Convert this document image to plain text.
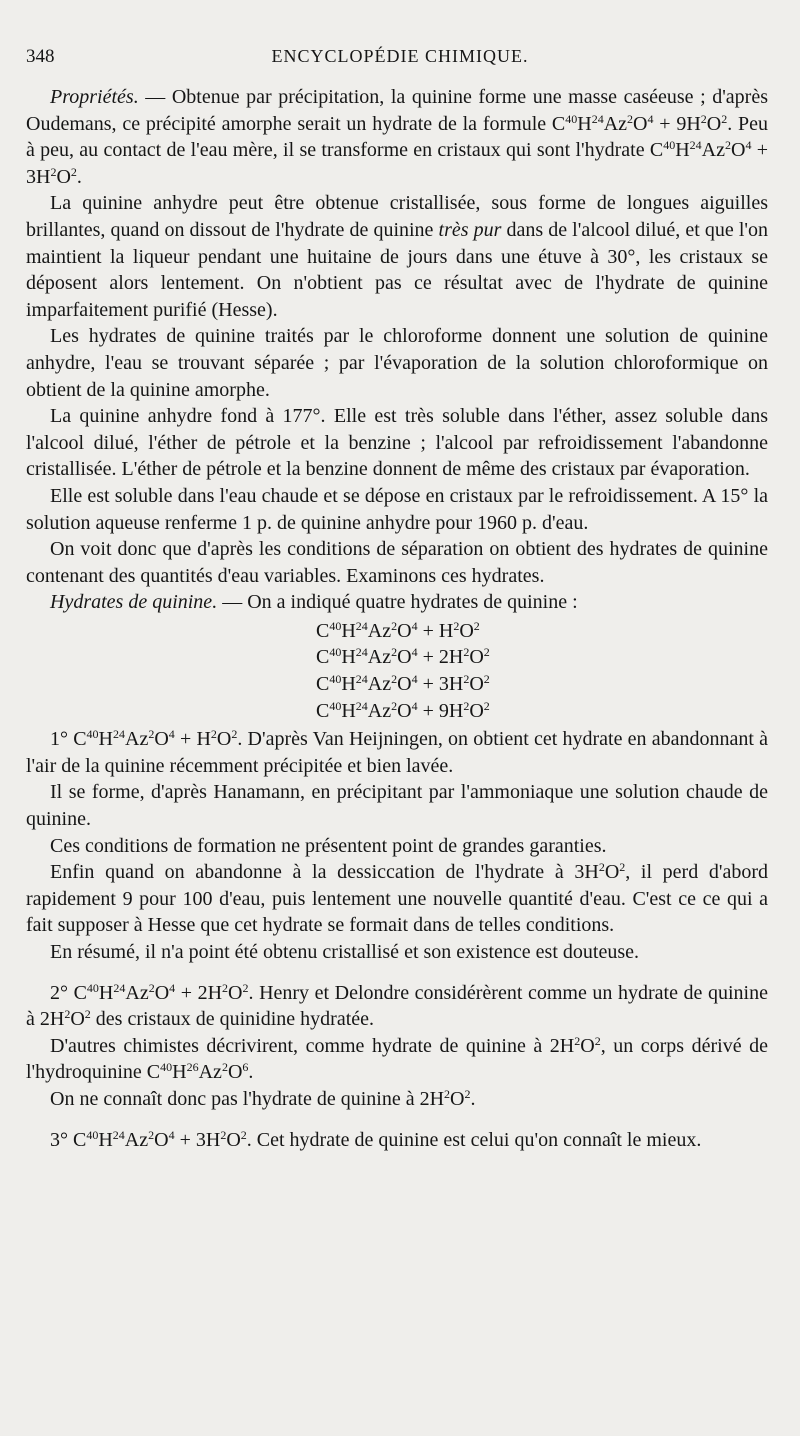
348	ENCYCLOPÉDIE CHIMIQUE.

Propriétés. — Obtenue par précipitation, la quinine forme une masse caséeuse ; d'après Oudemans, ce précipité amorphe serait un hydrate de la formule $C^{40}H^{24}Az^2O^4 + 9H^2O^2$. Peu à peu, au contact de l'eau mère, il se transforme en cristaux qui sont l'hydrate $C^{40}H^{24}Az^2O^4 + 3H^2O^2$.

La quinine anhydre peut être obtenue cristallisée, sous forme de longues aiguilles brillantes, quand on dissout de l'hydrate de quinine très pur dans de l'alcool dilué, et que l'on maintient la liqueur pendant une huitaine de jours dans une étuve à 30°, les cristaux se déposent alors lentement. On n'obtient pas ce résultat avec de l'hydrate de quinine imparfaitement purifié (Hesse).

Les hydrates de quinine traités par le chloroforme donnent une solution de quinine anhydre, l'eau se trouvant séparée ; par l'évaporation de la solution chloroformique on obtient de la quinine amorphe.

La quinine anhydre fond à 177°. Elle est très soluble dans l'éther, assez soluble dans l'alcool dilué, l'éther de pétrole et la benzine ; l'alcool par refroidissement l'abandonne cristallisée. L'éther de pétrole et la benzine donnent de même des cristaux par évaporation.

Elle est soluble dans l'eau chaude et se dépose en cristaux par le refroidissement. A 15° la solution aqueuse renferme 1 p. de quinine anhydre pour 1960 p. d'eau.

On voit donc que d'après les conditions de séparation on obtient des hydrates de quinine contenant des quantités d'eau variables. Examinons ces hydrates.

Hydrates de quinine. — On a indiqué quatre hydrates de quinine :

$C^{40}H^{24}Az^2O^4 + H^2O^2$
$C^{40}H^{24}Az^2O^4 + 2H^2O^2$
$C^{40}H^{24}Az^2O^4 + 3H^2O^2$
$C^{40}H^{24}Az^2O^4 + 9H^2O^2$

1° $C^{40}H^{24}Az^2O^4 + H^2O^2$. D'après Van Heijningen, on obtient cet hydrate en abandonnant à l'air de la quinine récemment précipitée et bien lavée.

Il se forme, d'après Hanamann, en précipitant par l'ammoniaque une solution chaude de quinine.

Ces conditions de formation ne présentent point de grandes garanties.

Enfin quand on abandonne à la dessiccation de l'hydrate à $3H^2O^2$, il perd d'abord rapidement 9 pour 100 d'eau, puis lentement une nouvelle quantité d'eau. C'est ce ce qui a fait supposer à Hesse que cet hydrate se formait dans de telles conditions.

En résumé, il n'a point été obtenu cristallisé et son existence est douteuse.

2° $C^{40}H^{24}Az^2O^4 + 2H^2O^2$. Henry et Delondre considérèrent comme un hydrate de quinine à $2H^2O^2$ des cristaux de quinidine hydratée.

D'autres chimistes décrivirent, comme hydrate de quinine à $2H^2O^2$, un corps dérivé de l'hydroquinine $C^{40}H^{26}Az^2O^6$.

On ne connaît donc pas l'hydrate de quinine à $2H^2O^2$.

3° $C^{40}H^{24}Az^2O^4 + 3H^2O^2$. Cet hydrate de quinine est celui qu'on connaît le mieux.
